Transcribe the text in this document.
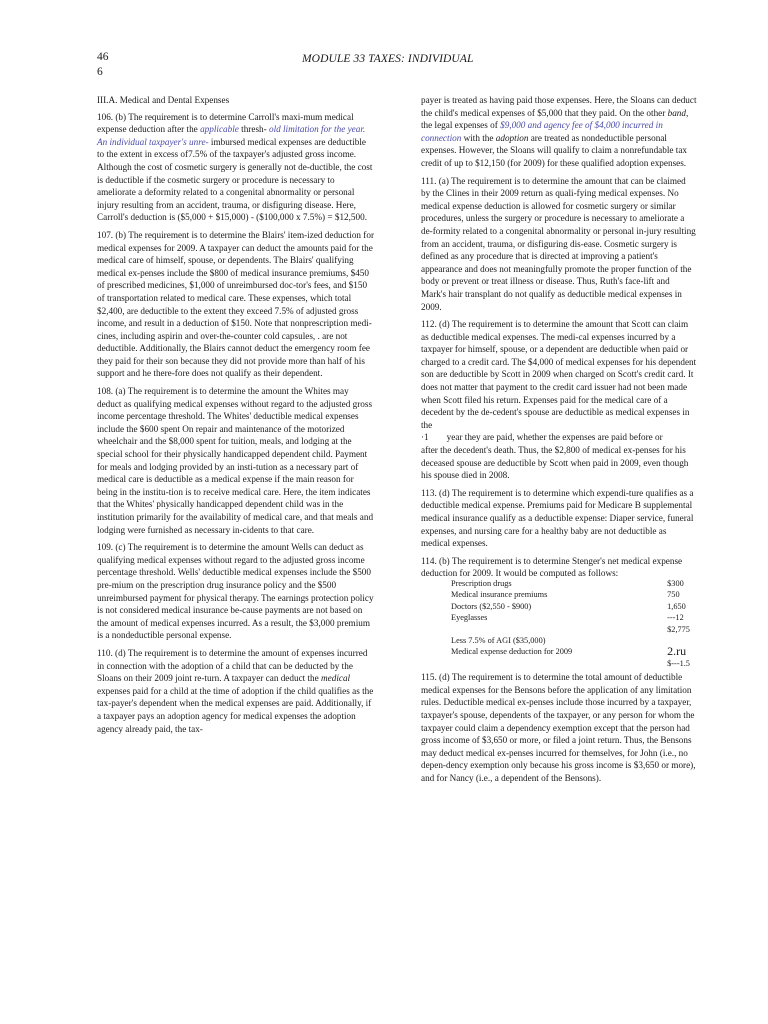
46 6
MODULE 33 TAXES: INDIVIDUAL
III.A. Medical and Dental Expenses
106. (b) The requirement is to determine Carroll's maxi-mum medical expense deduction after the applicable thresh- old limitation for the year. An individual taxpayer's unre- imbursed medical expenses are deductible to the extent in excess of7.5% of the taxpayer's adjusted gross income. Although the cost of cosmetic surgery is generally not de-ductible, the cost is deductible if the cosmetic surgery or procedure is necessary to ameliorate a deformity related to a congenital abnormality or personal injury resulting from an accident, trauma, or disfiguring disease. Here, Carroll's deduction is ($5,000 + $15,000) - ($100,000 x 7.5%) = $12,500.
107. (b) The requirement is to determine the Blairs' item-ized deduction for medical expenses for 2009. A taxpayer can deduct the amounts paid for the medical care of himself, spouse, or dependents. The Blairs' qualifying medical ex-penses include the $800 of medical insurance premiums, $450 of prescribed medicines, $1,000 of unreimbursed doc-tor's fees, and $150 of transportation related to medical care. These expenses, which total $2,400, are deductible to the extent they exceed 7.5% of adjusted gross income, and result in a deduction of $150. Note that nonprescription medi-cines, including aspirin and over-the-counter cold capsules, . are not deductible. Additionally, the Blairs cannot deduct the emergency room fee they paid for their son because they did not provide more than half of his support and he there-fore does not qualify as their dependent.
108. (a) The requirement is to determine the amount the Whites may deduct as qualifying medical expenses without regard to the adjusted gross income percentage threshold. The Whites' deductible medical expenses include the $600 spent On repair and maintenance of the motorized wheelchair and the $8,000 spent for tuition, meals, and lodging at the special school for their physically handicapped dependent child. Payment for meals and lodging provided by an insti-tution as a necessary part of medical care is deductible as a medical expense if the main reason for being in the institu-tion is to receive medical care. Here, the item indicates that the Whites' physically handicapped dependent child was in the institution primarily for the availability of medical care, and that meals and lodging were furnished as necessary in-cidents to that care.
109. (c) The requirement is to determine the amount Wells can deduct as qualifying medical expenses without regard to the adjusted gross income percentage threshold. Wells' deductible medical expenses include the $500 pre-mium on the prescription drug insurance policy and the $500 unreimbursed payment for physical therapy. The earnings protection policy is not considered medical insurance be-cause payments are not based on the amount of medical expenses incurred. As a result, the $3,000 premium is a nondeductible personal expense.
110. (d) The requirement is to determine the amount of expenses incurred in connection with the adoption of a child that can be deducted by the Sloans on their 2009 joint re-turn. A taxpayer can deduct the medical expenses paid for a child at the time of adoption if the child qualifies as the tax-payer's dependent when the medical expenses are paid. Additionally, if a taxpayer pays an adoption agency for medical expenses the adoption agency already paid, the tax-
payer is treated as having paid those expenses. Here, the Sloans can deduct the child's medical expenses of $5,000 that they paid. On the other band, the legal expenses of $9,000 and agency fee of $4,000 incurred in connection with the adoption are treated as nondeductible personal expenses. However, the Sloans will qualify to claim a nonrefundable tax credit of up to $12,150 (for 2009) for these qualified adoption expenses.
111. (a) The requirement is to determine the amount that can be claimed by the Clines in their 2009 return as quali-fying medical expenses. No medical expense deduction is allowed for cosmetic surgery or similar procedures, unless the surgery or procedure is necessary to ameliorate a de-formity related to a congenital abnormality or personal in-jury resulting from an accident, trauma, or disfiguring dis-ease. Cosmetic surgery is defined as any procedure that is directed at improving a patient's appearance and does not meaningfully promote the proper function of the body or prevent or treat illness or disease. Thus, Ruth's face-lift and Mark's hair transplant do not qualify as deductible medical expenses in 2009.
112. (d) The requirement is to determine the amount that Scott can claim as deductible medical expenses. The medi-cal expenses incurred by a taxpayer for himself, spouse, or a dependent are deductible when paid or charged to a credit card. The $4,000 of medical expenses for his dependent son are deductible by Scott in 2009 when charged on Scott's credit card. It does not matter that payment to the credit card issuer had not been made when Scott filed his return. Expenses paid for the medical care of a decedent by the de-cedent's spouse are deductible as medical expenses in the
·1 year they are paid, whether the expenses are paid before or
after the decedent's death. Thus, the $2,800 of medical ex-penses for his deceased spouse are deductible by Scott when paid in 2009, even though his spouse died in 2008.
113. (d) The requirement is to determine which expendi-ture qualifies as a deductible medical expense. Premiums paid for Medicare B supplemental medical insurance qualify as a deductible expense: Diaper service, funeral expenses, and nursing care for a healthy baby are not deductible as medical expenses.
114. (b) The requirement is to determine Stenger's net medical expense deduction for 2009. It would be computed as follows:
Prescription drugs	$300
Medical insurance premiums	750
Doctors ($2,550 - $900)	1,650
Eyeglasses	---12
	$2,775
Less 7.5% of AGI ($35,000)	
Medical expense deduction for 2009	2.ru
	$---1.5
115. (d) The requirement is to determine the total amount of deductible medical expenses for the Bensons before the application of any limitation rules. Deductible medical ex-penses include those incurred by a taxpayer, taxpayer's spouse, dependents of the taxpayer, or any person for whom the taxpayer could claim a dependency exemption except that the person had gross income of $3,650 or more, or filed a joint return. Thus, the Bensons may deduct medical ex-penses incurred for themselves, for John (i.e., no depen-dency exemption only because his gross income is $3,650 or more), and for Nancy (i.e., a dependent of the Bensons).
